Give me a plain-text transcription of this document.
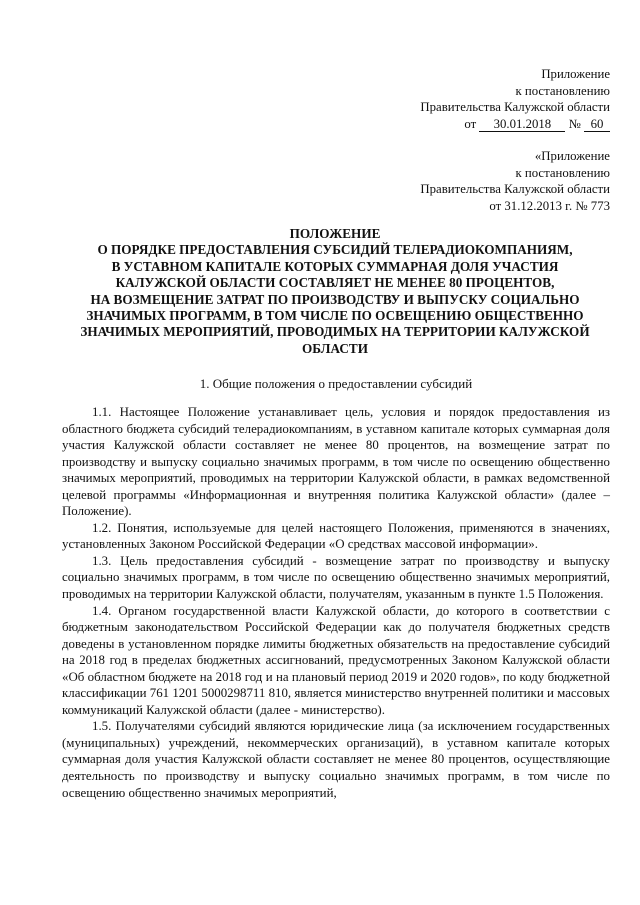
Приложение
к постановлению
Правительства Калужской области
от 30.01.2018 № 60
«Приложение
к постановлению
Правительства Калужской области
от 31.12.2013 г. № 773
ПОЛОЖЕНИЕ
О ПОРЯДКЕ ПРЕДОСТАВЛЕНИЯ СУБСИДИЙ ТЕЛЕРАДИОКОМПАНИЯМ,
В УСТАВНОМ КАПИТАЛЕ КОТОРЫХ СУММАРНАЯ ДОЛЯ УЧАСТИЯ
КАЛУЖСКОЙ ОБЛАСТИ СОСТАВЛЯЕТ НЕ МЕНЕЕ 80 ПРОЦЕНТОВ,
НА ВОЗМЕЩЕНИЕ ЗАТРАТ ПО ПРОИЗВОДСТВУ И ВЫПУСКУ СОЦИАЛЬНО
ЗНАЧИМЫХ ПРОГРАММ, В ТОМ ЧИСЛЕ ПО ОСВЕЩЕНИЮ ОБЩЕСТВЕННО
ЗНАЧИМЫХ МЕРОПРИЯТИЙ, ПРОВОДИМЫХ НА ТЕРРИТОРИИ КАЛУЖСКОЙ
ОБЛАСТИ
1. Общие положения о предоставлении субсидий

1.1. Настоящее Положение устанавливает цель, условия и порядок предоставления из областного бюджета субсидий телерадиокомпаниям, в уставном капитале которых суммарная доля участия Калужской области составляет не менее 80 процентов, на возмещение затрат по производству и выпуску социально значимых программ, в том числе по освещению общественно значимых мероприятий, проводимых на территории Калужской области, в рамках ведомственной целевой программы «Информационная и внутренняя политика Калужской области» (далее – Положение).

1.2. Понятия, используемые для целей настоящего Положения, применяются в значениях, установленных Законом Российской Федерации «О средствах массовой информации».

1.3. Цель предоставления субсидий - возмещение затрат по производству и выпуску социально значимых программ, в том числе по освещению общественно значимых мероприятий, проводимых на территории Калужской области, получателям, указанным в пункте 1.5 Положения.

1.4. Органом государственной власти Калужской области, до которого в соответствии с бюджетным законодательством Российской Федерации как до получателя бюджетных средств доведены в установленном порядке лимиты бюджетных обязательств на предоставление субсидий на 2018 год в пределах бюджетных ассигнований, предусмотренных Законом Калужской области «Об областном бюджете на 2018 год и на плановый период 2019 и 2020 годов», по коду бюджетной классификации 761 1201 5000298711 810, является министерство внутренней политики и массовых коммуникаций Калужской области (далее - министерство).

1.5. Получателями субсидий являются юридические лица (за исключением государственных (муниципальных) учреждений, некоммерческих организаций), в уставном капитале которых суммарная доля участия Калужской области составляет не менее 80 процентов, осуществляющие деятельность по производству и выпуску социально значимых программ, в том числе по освещению общественно значимых мероприятий,
